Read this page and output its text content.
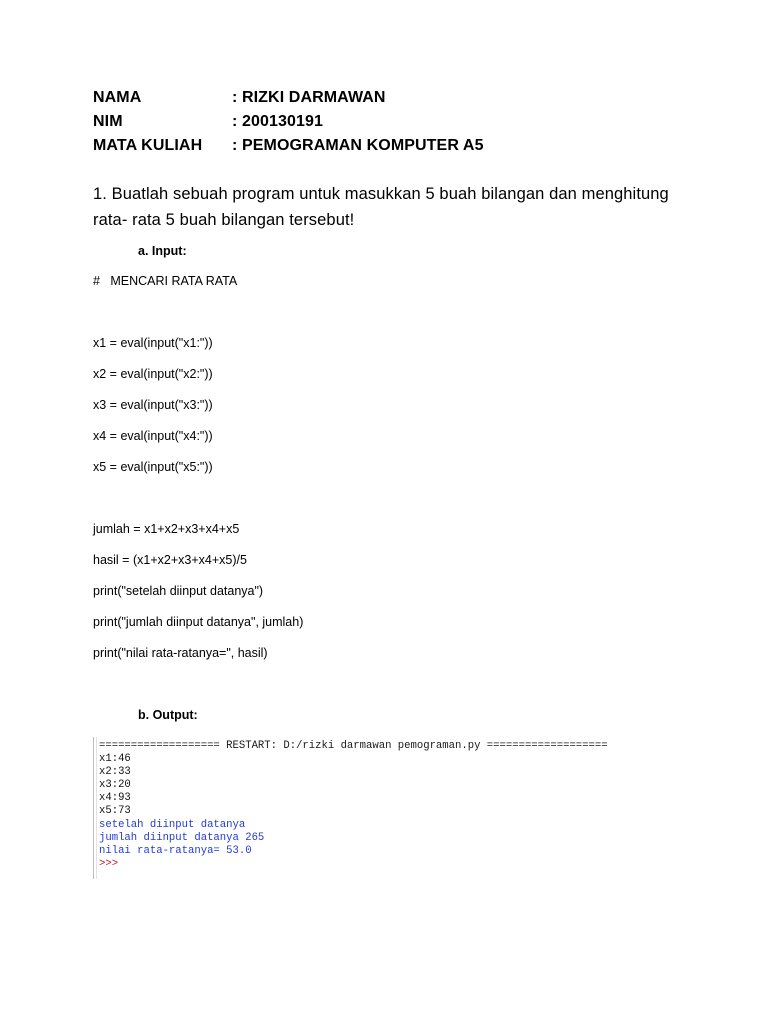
NAMA	: RIZKI DARMAWAN
NIM	: 200130191
MATA KULIAH : PEMOGRAMAN KOMPUTER A5
1. Buatlah sebuah program untuk masukkan 5 buah bilangan dan menghitung
rata- rata 5 buah bilangan tersebut!
a. Input:
#   MENCARI RATA RATA
x1 = eval(input("x1:"))
x2 = eval(input("x2:"))
x3 = eval(input("x3:"))
x4 = eval(input("x4:"))
x5 = eval(input("x5:"))
jumlah = x1+x2+x3+x4+x5
hasil = (x1+x2+x3+x4+x5)/5
print("setelah diinput datanya")
print("jumlah diinput datanya", jumlah)
print("nilai rata-ratanya=", hasil)
b. Output:
=================== RESTART: D:/rizki darmawan pemograman.py ===================
x1:46
x2:33
x3:20
x4:93
x5:73
setelah diinput datanya
jumlah diinput datanya 265
nilai rata-ratanya= 53.0
>>>
